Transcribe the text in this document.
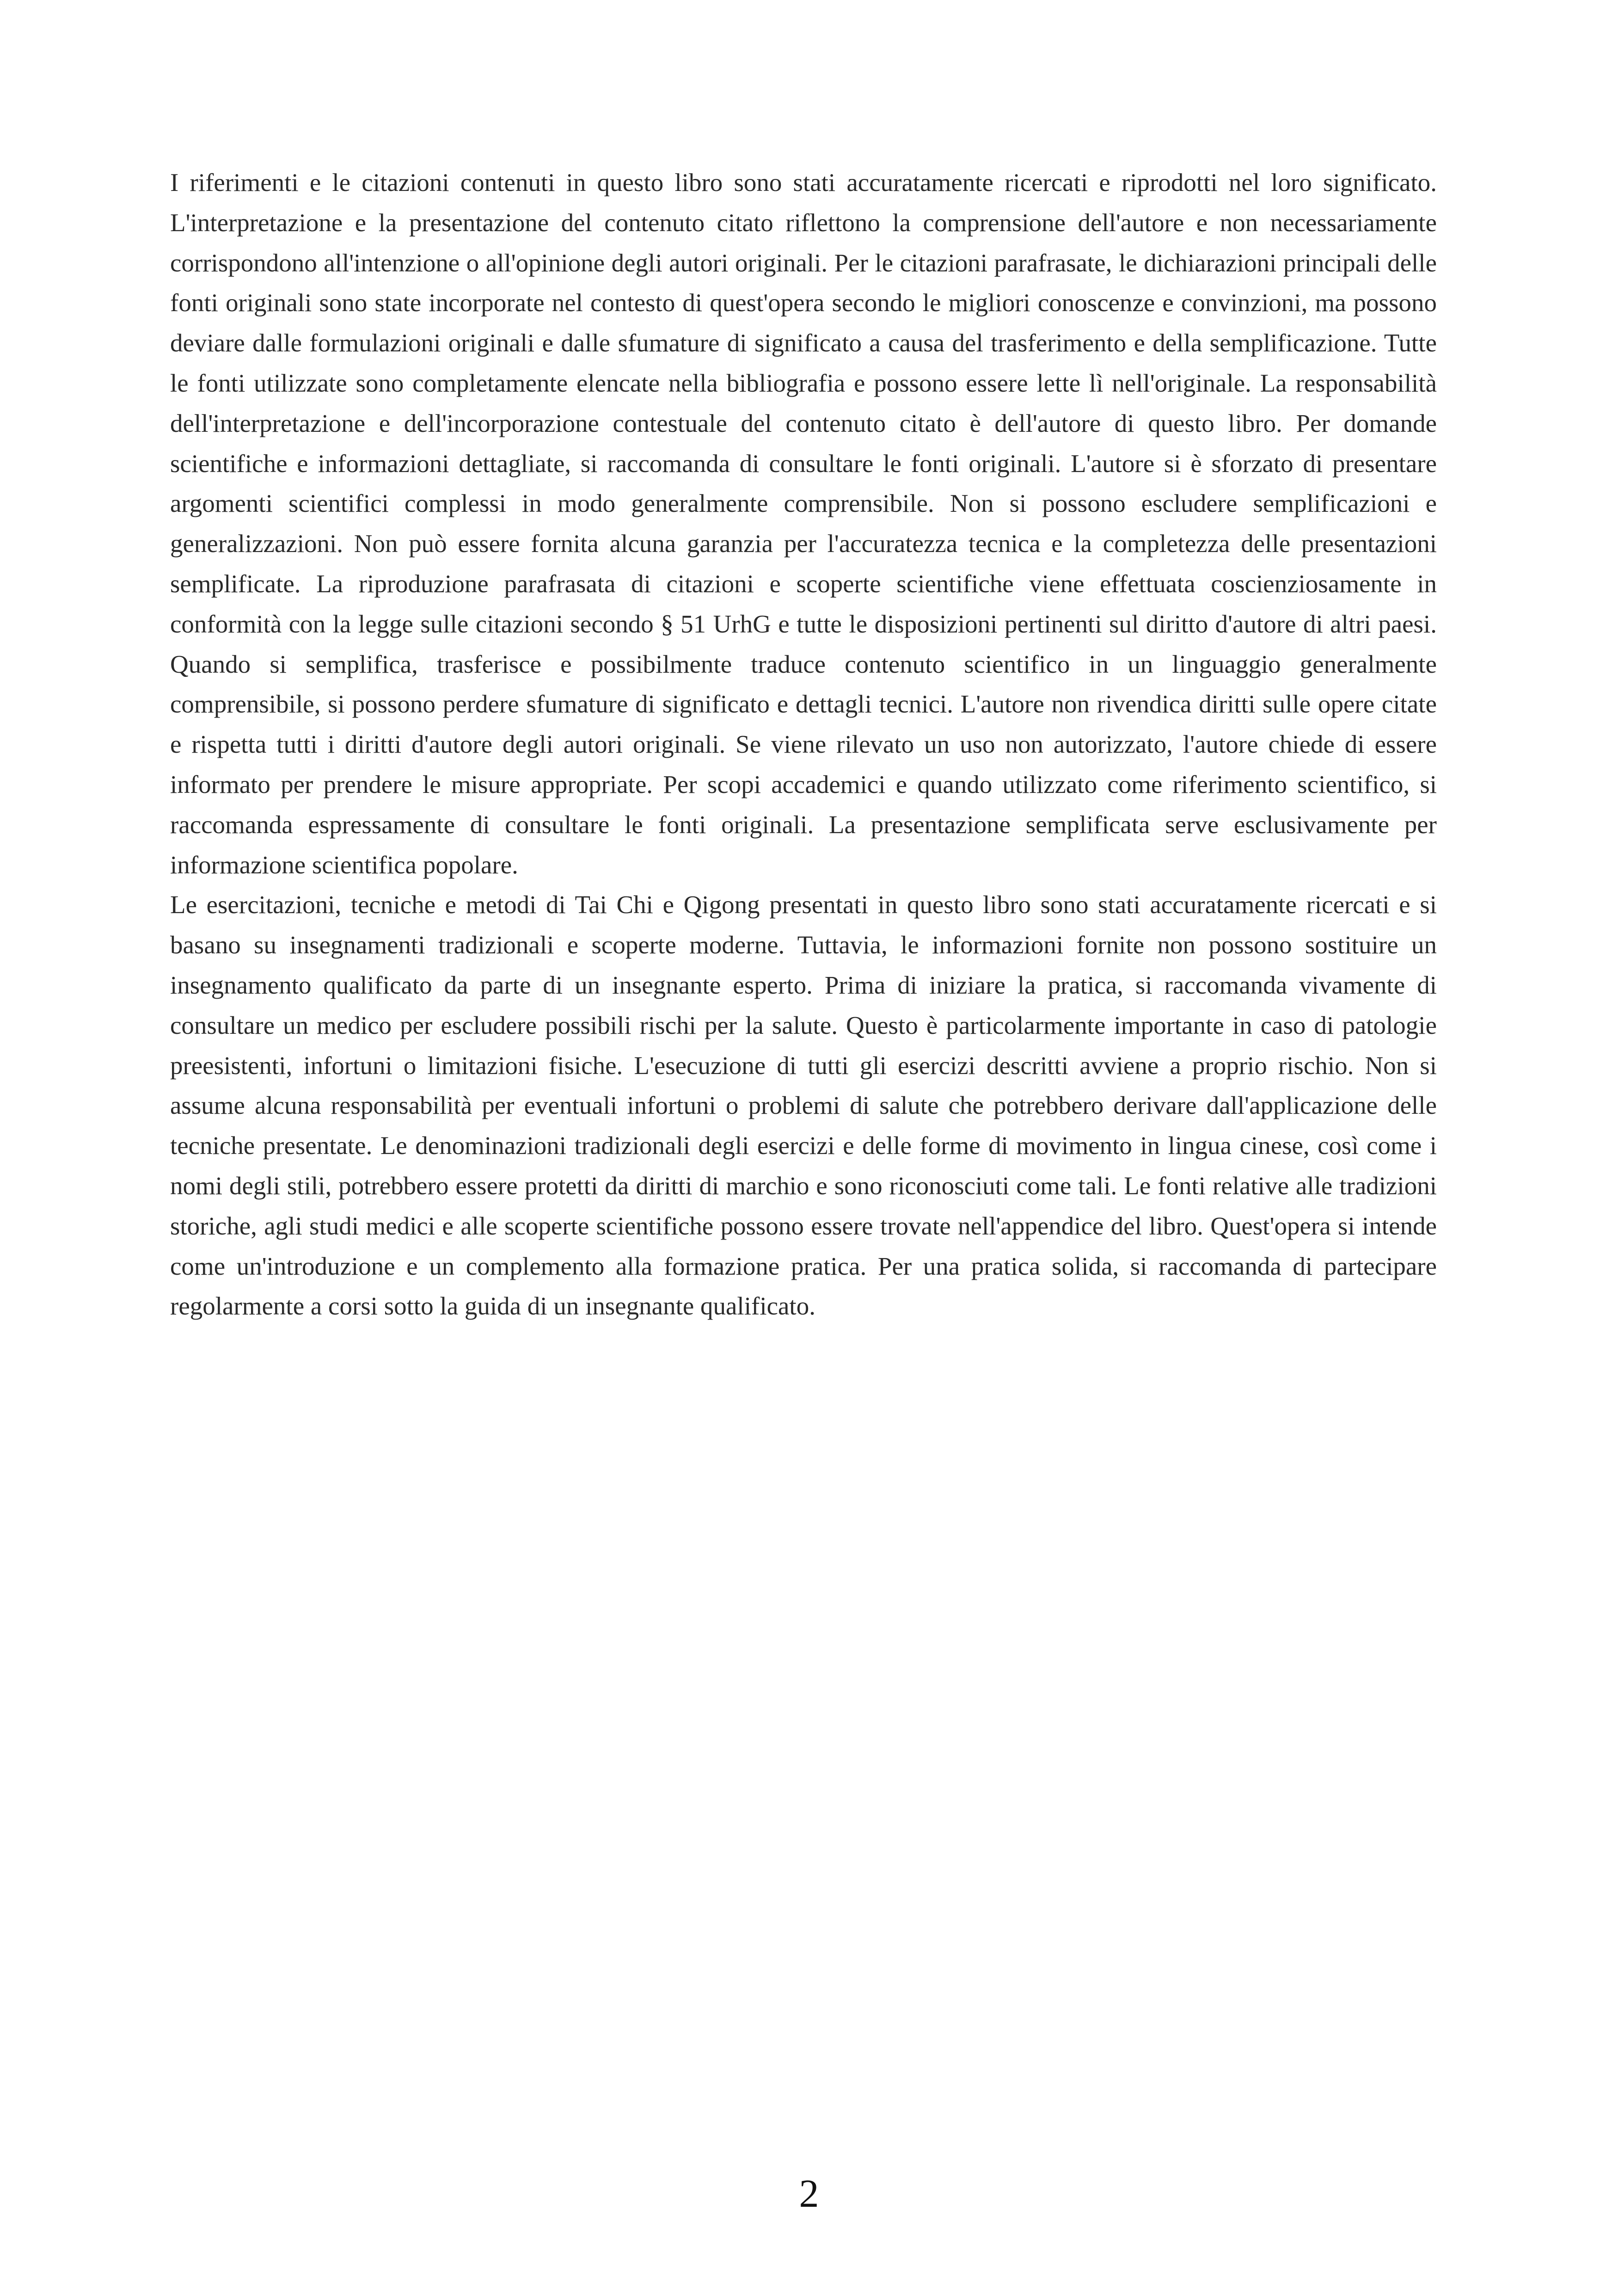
I riferimenti e le citazioni contenuti in questo libro sono stati accuratamente ricercati e riprodotti nel loro significato. L'interpretazione e la presentazione del contenuto citato riflettono la comprensione dell'autore e non necessariamente corrispondono all'intenzione o all'opinione degli autori originali. Per le citazioni parafrasate, le dichiarazioni principali delle fonti originali sono state incorporate nel contesto di quest'opera secondo le migliori conoscenze e convinzioni, ma possono deviare dalle formulazioni originali e dalle sfumature di significato a causa del trasferimento e della semplificazione. Tutte le fonti utilizzate sono completamente elencate nella bibliografia e possono essere lette lì nell'originale. La responsabilità dell'interpretazione e dell'incorporazione contestuale del contenuto citato è dell'autore di questo libro. Per domande scientifiche e informazioni dettagliate, si raccomanda di consultare le fonti originali. L'autore si è sforzato di presentare argomenti scientifici complessi in modo generalmente comprensibile. Non si possono escludere semplificazioni e generalizzazioni. Non può essere fornita alcuna garanzia per l'accuratezza tecnica e la completezza delle presentazioni semplificate. La riproduzione parafrasata di citazioni e scoperte scientifiche viene effettuata coscienziosamente in conformità con la legge sulle citazioni secondo § 51 UrhG e tutte le disposizioni pertinenti sul diritto d'autore di altri paesi. Quando si semplifica, trasferisce e possibilmente traduce contenuto scientifico in un linguaggio generalmente comprensibile, si possono perdere sfumature di significato e dettagli tecnici. L'autore non rivendica diritti sulle opere citate e rispetta tutti i diritti d'autore degli autori originali. Se viene rilevato un uso non autorizzato, l'autore chiede di essere informato per prendere le misure appropriate. Per scopi accademici e quando utilizzato come riferimento scientifico, si raccomanda espressamente di consultare le fonti originali. La presentazione semplificata serve esclusivamente per informazione scientifica popolare.

Le esercitazioni, tecniche e metodi di Tai Chi e Qigong presentati in questo libro sono stati accuratamente ricercati e si basano su insegnamenti tradizionali e scoperte moderne. Tuttavia, le informazioni fornite non possono sostituire un insegnamento qualificato da parte di un insegnante esperto. Prima di iniziare la pratica, si raccomanda vivamente di consultare un medico per escludere possibili rischi per la salute. Questo è particolarmente importante in caso di patologie preesistenti, infortuni o limitazioni fisiche. L'esecuzione di tutti gli esercizi descritti avviene a proprio rischio. Non si assume alcuna responsabilità per eventuali infortuni o problemi di salute che potrebbero derivare dall'applicazione delle tecniche presentate. Le denominazioni tradizionali degli esercizi e delle forme di movimento in lingua cinese, così come i nomi degli stili, potrebbero essere protetti da diritti di marchio e sono riconosciuti come tali. Le fonti relative alle tradizioni storiche, agli studi medici e alle scoperte scientifiche possono essere trovate nell'appendice del libro. Quest'opera si intende come un'introduzione e un complemento alla formazione pratica. Per una pratica solida, si raccomanda di partecipare regolarmente a corsi sotto la guida di un insegnante qualificato.

2
